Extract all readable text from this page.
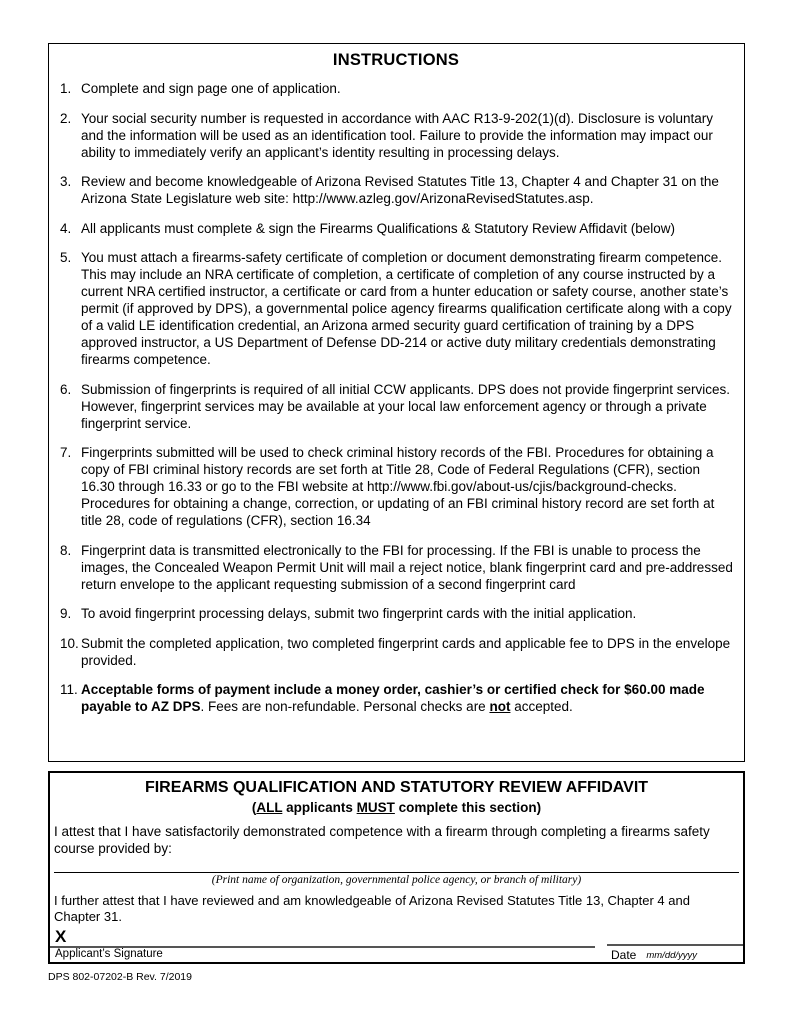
INSTRUCTIONS
1. Complete and sign page one of application.
2. Your social security number is requested in accordance with AAC R13-9-202(1)(d). Disclosure is voluntary and the information will be used as an identification tool. Failure to provide the information may impact our ability to immediately verify an applicant’s identity resulting in processing delays.
3. Review and become knowledgeable of Arizona Revised Statutes Title 13, Chapter 4 and Chapter 31 on the Arizona State Legislature web site: http://www.azleg.gov/ArizonaRevisedStatutes.asp.
4. All applicants must complete & sign the Firearms Qualifications & Statutory Review Affidavit (below)
5. You must attach a firearms-safety certificate of completion or document demonstrating firearm competence. This may include an NRA certificate of completion, a certificate of completion of any course instructed by a current NRA certified instructor, a certificate or card from a hunter education or safety course, another state’s permit (if approved by DPS), a governmental police agency firearms qualification certificate along with a copy of a valid LE identification credential, an Arizona armed security guard certification of training by a DPS approved instructor, a US Department of Defense DD-214 or active duty military credentials demonstrating firearms competence.
6. Submission of fingerprints is required of all initial CCW applicants. DPS does not provide fingerprint services. However, fingerprint services may be available at your local law enforcement agency or through a private fingerprint service.
7. Fingerprints submitted will be used to check criminal history records of the FBI. Procedures for obtaining a copy of FBI criminal history records are set forth at Title 28, Code of Federal Regulations (CFR), section 16.30 through 16.33 or go to the FBI website at http://www.fbi.gov/about-us/cjis/background-checks. Procedures for obtaining a change, correction, or updating of an FBI criminal history record are set forth at title 28, code of regulations (CFR), section 16.34
8. Fingerprint data is transmitted electronically to the FBI for processing. If the FBI is unable to process the images, the Concealed Weapon Permit Unit will mail a reject notice, blank fingerprint card and pre-addressed return envelope to the applicant requesting submission of a second fingerprint card
9. To avoid fingerprint processing delays, submit two fingerprint cards with the initial application.
10. Submit the completed application, two completed fingerprint cards and applicable fee to DPS in the envelope provided.
11. Acceptable forms of payment include a money order, cashier’s or certified check for $60.00 made payable to AZ DPS. Fees are non-refundable. Personal checks are not accepted.
FIREARMS QUALIFICATION AND STATUTORY REVIEW AFFIDAVIT
(ALL applicants MUST complete this section)
I attest that I have satisfactorily demonstrated competence with a firearm through completing a firearms safety course provided by:
(Print name of organization, governmental police agency, or branch of military)
I further attest that I have reviewed and am knowledgeable of Arizona Revised Statutes Title 13, Chapter 4 and Chapter 31.
X
Applicant’s Signature	Date mm/dd/yyyy
DPS 802-07202-B Rev. 7/2019
